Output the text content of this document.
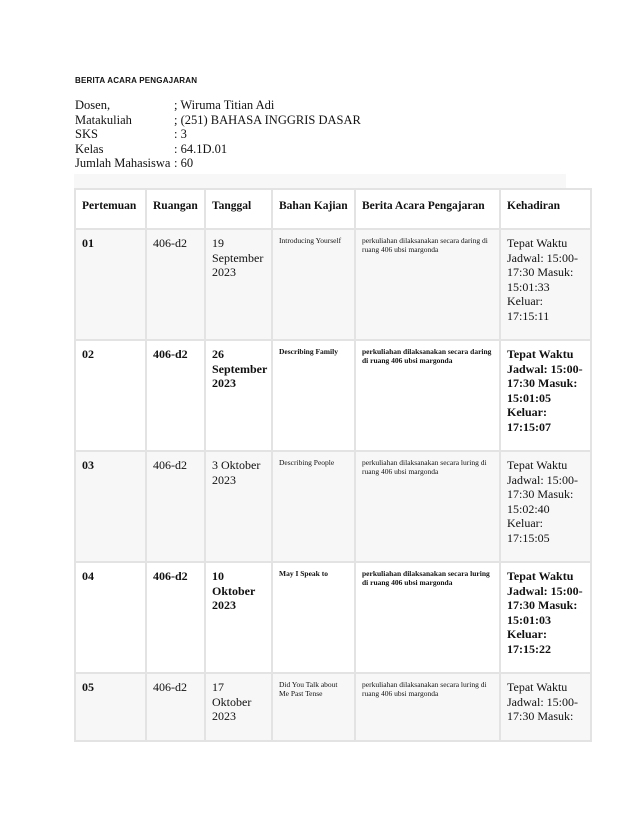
BERITA ACARA PENGAJARAN
Dosen,	; Wiruma Titian Adi
Matakuliah	; (251) BAHASA INGGRIS DASAR
SKS	: 3
Kelas	: 64.1D.01
Jumlah Mahasiswa : 60
Pertemuan	Ruangan	Tanggal	Bahan Kajian	Berita Acara Pengajaran	Kehadiran
01	406-d2	19 September 2023	Introducing Yourself	perkuliahan dilaksanakan secara daring di ruang 406 ubsi margonda	Tepat Waktu Jadwal: 15:00-17:30 Masuk: 15:01:33 Keluar: 17:15:11
02	406-d2	26 September 2023	Describing Family	perkuliahan dilaksanakan secara daring di ruang 406 ubsi margonda	Tepat Waktu Jadwal: 15:00-17:30 Masuk: 15:01:05 Keluar: 17:15:07
03	406-d2	3 Oktober 2023	Describing People	perkuliahan dilaksanakan secara luring di ruang 406 ubsi margonda	Tepat Waktu Jadwal: 15:00-17:30 Masuk: 15:02:40 Keluar: 17:15:05
04	406-d2	10 Oktober 2023	May I Speak to	perkuliahan dilaksanakan secara luring di ruang 406 ubsi margonda	Tepat Waktu Jadwal: 15:00-17:30 Masuk: 15:01:03 Keluar: 17:15:22
05	406-d2	17 Oktober 2023	Did You Talk about Me Past Tense	perkuliahan dilaksanakan secara luring di ruang 406 ubsi margonda	Tepat Waktu Jadwal: 15:00-17:30 Masuk:
